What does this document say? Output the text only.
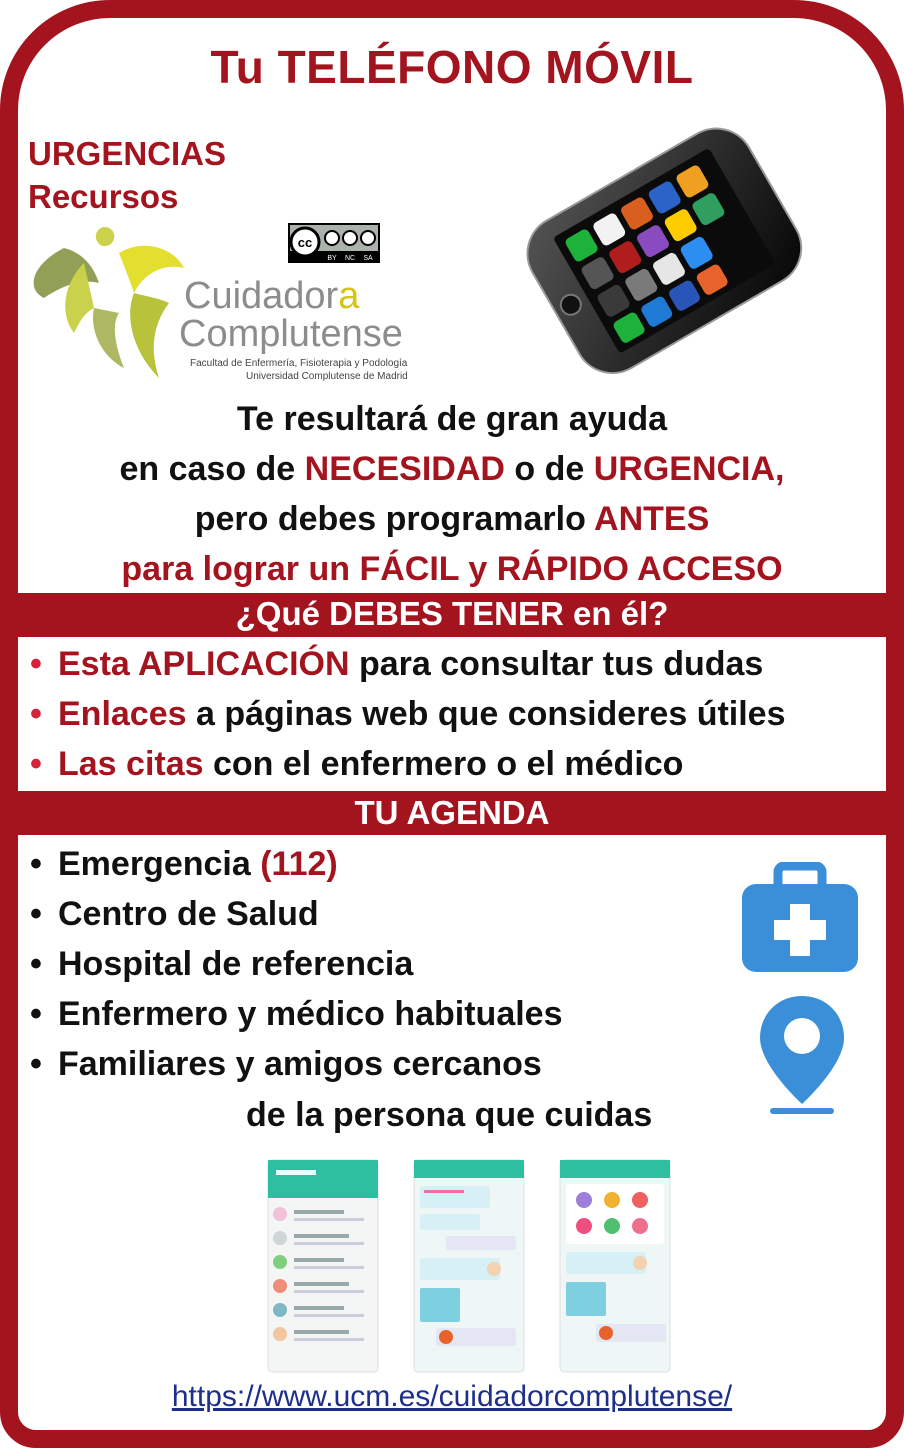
Tu TELÉFONO MÓVIL
URGENCIAS
Recursos
Cuidadora
Complutense
Facultad de Enfermería, Fisioterapia y Podología
Universidad Complutense de Madrid
cc
BY NC SA
Te resultará de gran ayuda
en caso de NECESIDAD o de URGENCIA,
pero debes programarlo ANTES
para lograr un FÁCIL y RÁPIDO ACCESO
¿Qué DEBES TENER en él?
• Esta APLICACIÓN para consultar tus dudas
• Enlaces a páginas web que consideres útiles
• Las citas con el enfermero o el médico
TU AGENDA
• Emergencia (112)
• Centro de Salud
• Hospital de referencia
• Enfermero y médico habituales
• Familiares y amigos cercanos
de la persona que cuidas
https://www.ucm.es/cuidadorcomplutense/
